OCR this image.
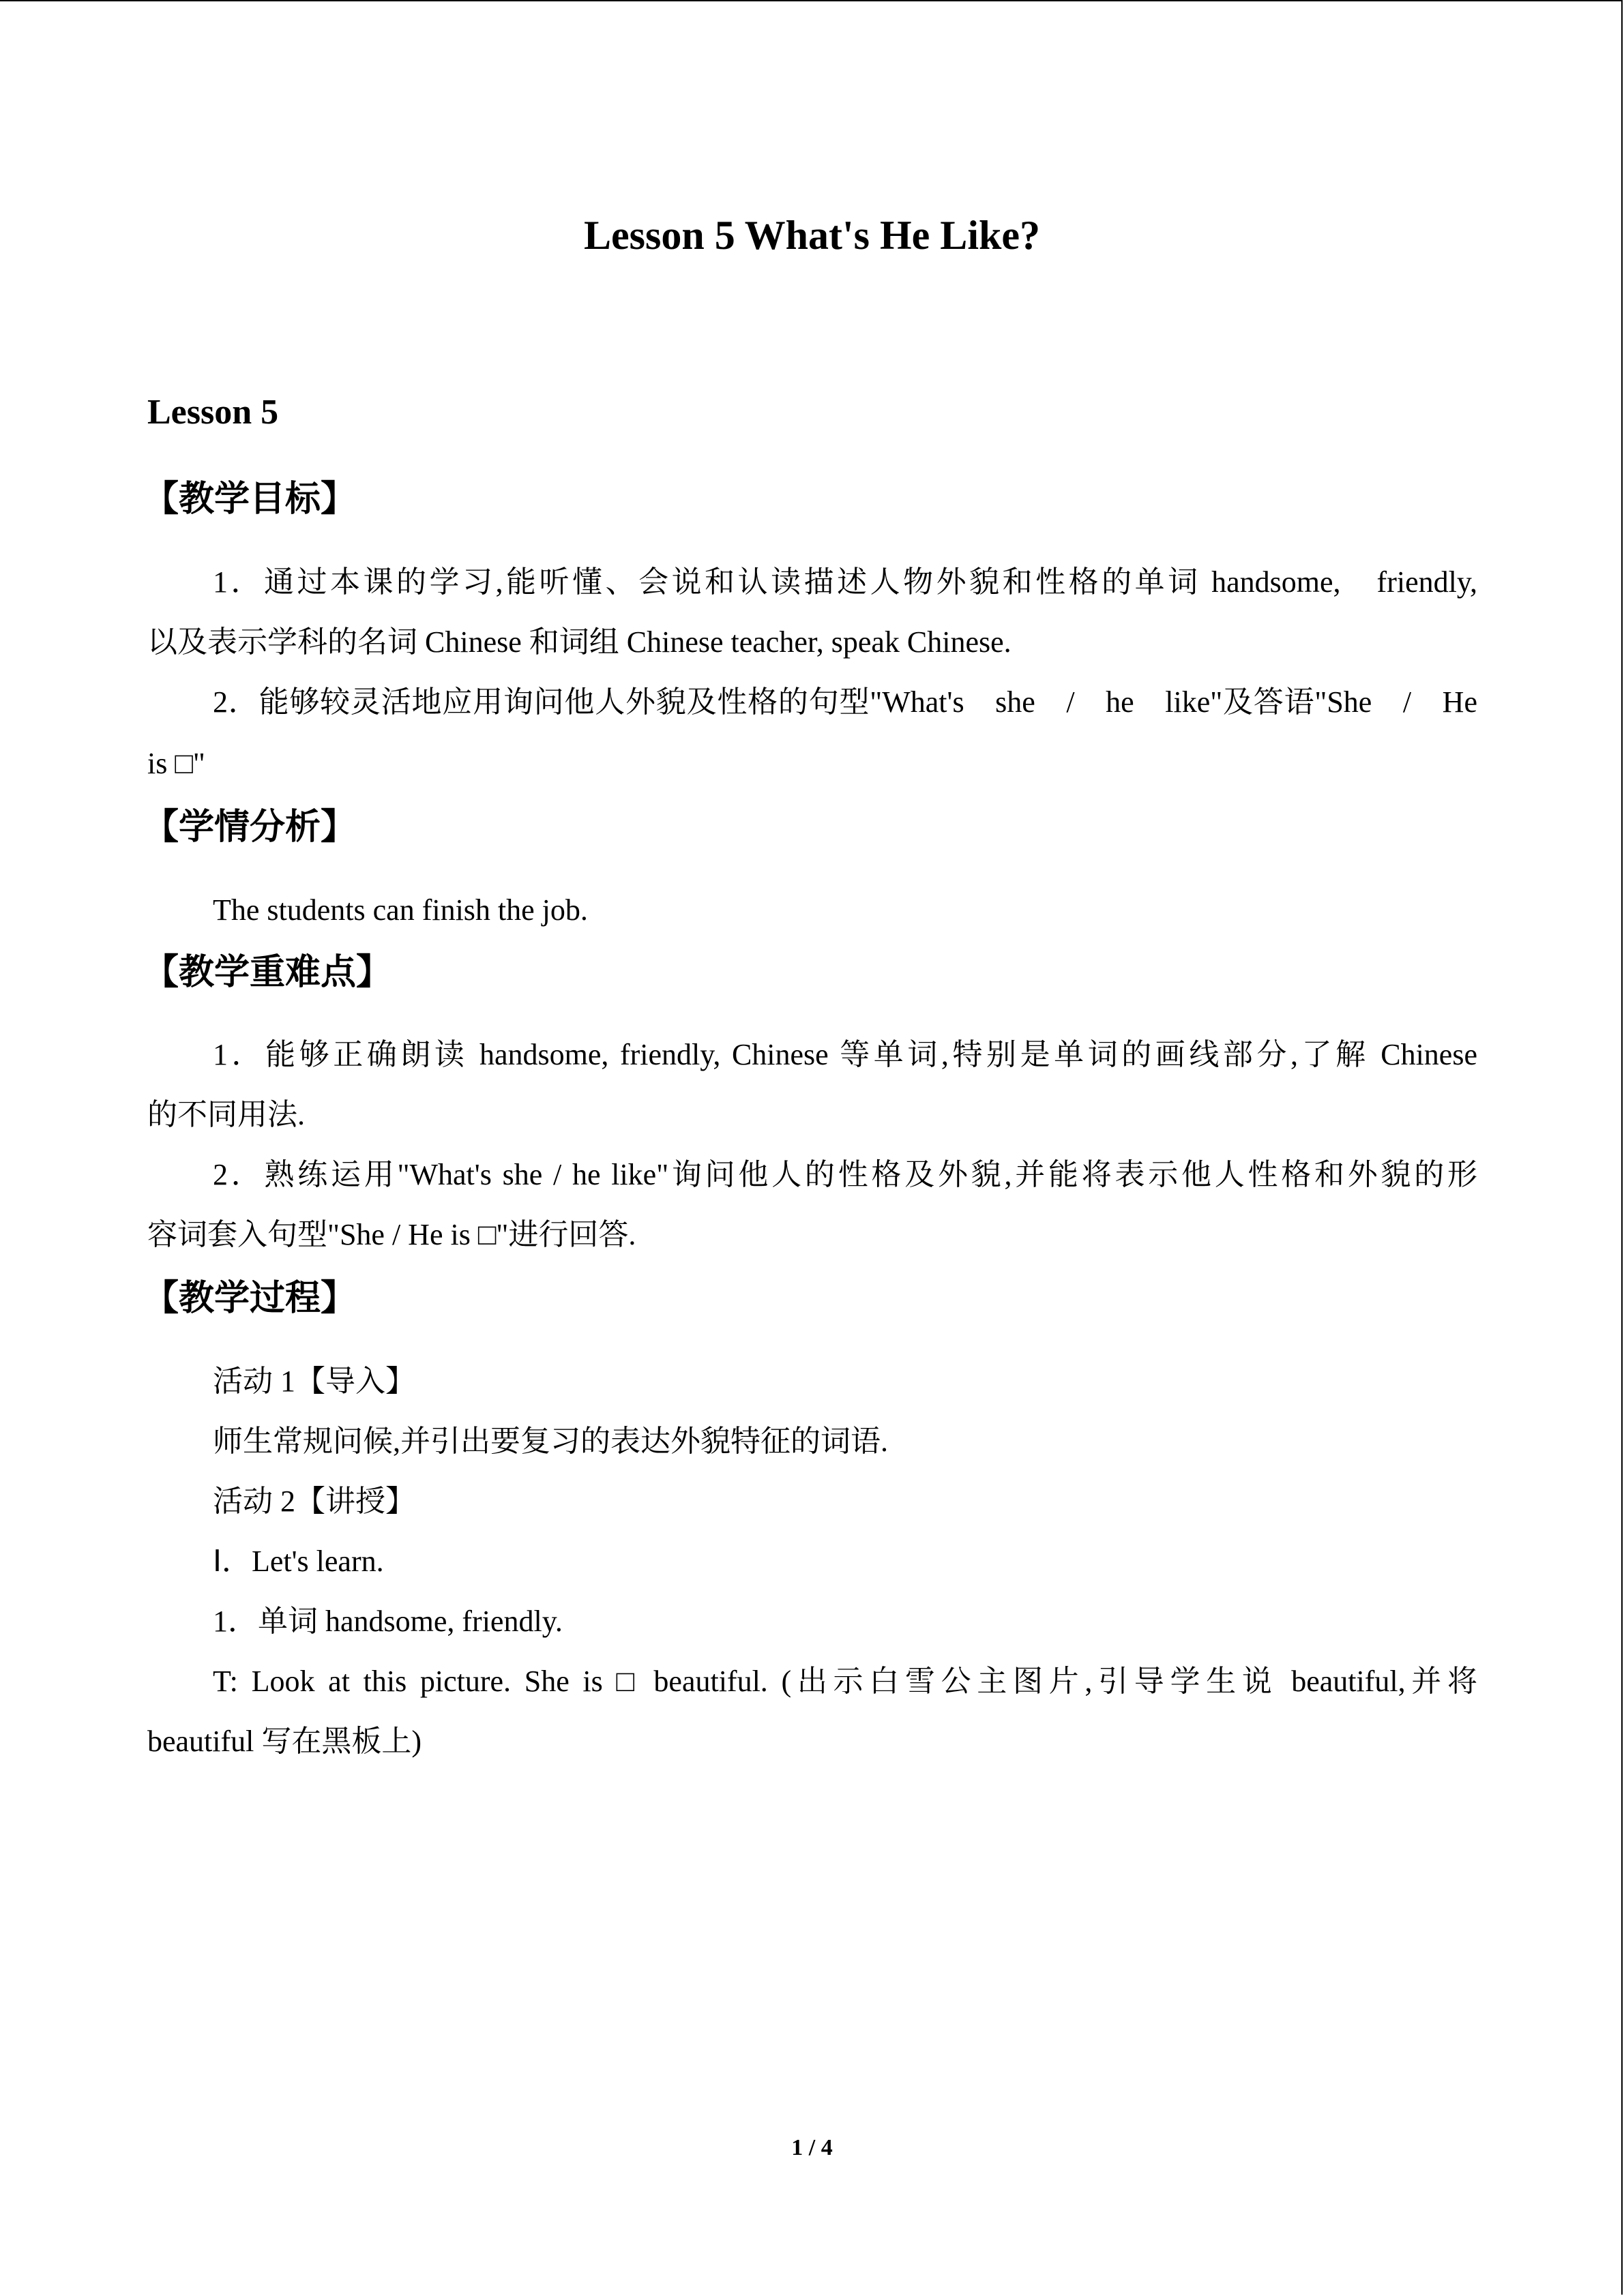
Lesson 5 What's He Like?
Lesson 5
【教学目标】
1．通过本课的学习,能听懂、会说和认读描述人物外貌和性格的单词 handsome,　friendly,
以及表示学科的名词 Chinese 和词组 Chinese teacher, speak Chinese.
2．能够较灵活地应用询问他人外貌及性格的句型"What's　she　/　he　like"及答语"She　/　He
is □"
【学情分析】
The students can finish the job.
【教学重难点】
1．能够正确朗读 handsome, friendly, Chinese 等单词,特别是单词的画线部分,了解 Chinese
的不同用法.
2．熟练运用"What's she / he like"询问他人的性格及外貌,并能将表示他人性格和外貌的形
容词套入句型"She / He is □"进行回答.
【教学过程】
活动 1【导入】
师生常规问候,并引出要复习的表达外貌特征的词语.
活动 2【讲授】
Ⅰ．Let's learn.
1．单词 handsome, friendly.
T: Look at this picture. She is □ beautiful. (出示白雪公主图片,引导学生说 beautiful,并将
beautiful 写在黑板上)
1 / 4
